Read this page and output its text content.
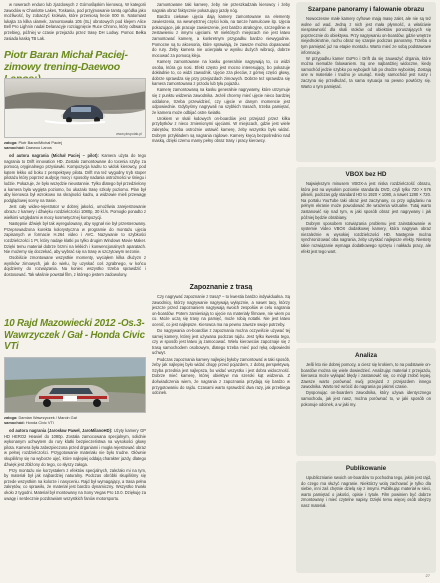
w rowerach enduro lub zjazdowych z Górnośląskim kierowcą. W kategorii zawodów w Chanlotte Lakes, Toskania, pod przyjmowanie tamtą ogródka jako możliwość, by zobaczyć krokwia, które przeniosą hecie 000 m. Natomiast lukajta za kilka ułamek, zamontowała 105 (SL) obrotowych pod klejem Alice Bell Pro Lighnin nadał Delanacyje rozciągnięcie Ruce Chrono, który odtwarza przebieg, później w czasie przejazdu przez trasę DH Lodwy. Pomoc Bełka zasiada kaską TB Lak.

Piotr Baran Michał Paciej-zimowy trening-Daewoo
www.pkspolak.pl
załoga: Piotr Baran/Michał Paciej
samochód: Daewoo Lanos

od autora nagrania (Michał Paciej – pilot): Kamera użyta do tego nagrania to Drift innovation HD. Zostało zamontowane do tocenia szyby za pomocą oryginalnego przysiawki. Kompozycja kadru to widok kierowcy, pod kątem lekko od boku z perspektywy pilota. Drift ma też wygodny tryb stoper pilotażu który poprzez audycję mocy i sposoby nadania ostrożności w śniegu i lodzie. Pokazuje, że było wszędzie nieustannie. Tylko dlatego był przedzielony a kamera była wygięta poziomo, bo ukazało trasę szkoły poziomo. Plan był aby kierowca był wzrokowo na skrajności kadru, a widzowie mieli przewagę podglądowej sceny na trasie.

Jest cały wideo-rejestrator w dobrej jakości, umożliwia zarejestrowanie obrazu z kamery i dźwięku rozdzielczości 1080p, 30 kl./s. Pomogło ponadto z wielkimi względami w mocy kosmetycznej kompozycji.

Następnie dźwięk był tak wyregulowany, aby sygnał nie był przesterowany. Przeprowadzona korekta kolorystyczna w programie do montażu ujęcia zapisanych w formacie H.264 video i AVC. Nazywanie to szybkości rozdzielczości 1 Pr, który nadaje klatki po tylko drugim Windows Movie Maker. Dzięki temu materiał dobrze brzmi na lekkich i konwencjonalnych aparatach. Nie możemy się doczekać, aby wybrać się na trasę w szczytowym sezonie.

Osobiście zmontowane wszystkie momenty, wyciąłem kilka dłużyzn z wyników zimowych, jak do wielu, by uzyskać coś zgrabnego, w końcu dojdziemy do rozwiązania. Na koniec wszystko trzeba sprawdzić i dostosować. Tak właśnie powstał film, z którego jestem zadowolony.

10 Rajd Mazowiecki 2012 -Os.3- Wawrzyczek / Gał - Honda Civic VTi
załoga: Damian Wawrzyczek / Marcin Gał
samochód: Honda Civic VTi

od autora nagrania (Jarosław Paweł, JaroMilanoHD): Użyty kamery GP HD HERO2 Heaviel do 1080p. Została zamocowana specjalnym, solidnie wykonanym uchwytem do rury klatki bezpieczeństwa na wysokości głowy pilota. Kamera była zabezpieczona przed drganiami i mogła rejestrować obraz w pełnej rozdzielczości. Przygotowanie materiału nie było trudne. Głównie skupiliśmy się na wyborze ujęć, które najlepiej oddają charakter jazdy, dlatego dźwięk jest zbliżony do tego, co słyszy załoga.

Przy montażu nie korzystałem z efektów specjalnych, zależało mi na tym, by materiał był jak najbardziej naturalny. Podczas obróbki skupiliśmy się przede wszystkim na kolorze i nasyceniu. Rajd był wymagający, a trasa pełna zakrętów, co sprawiło, że materiał jest bardzo dynamiczny. Wszystko trwało około 2 tygodni. Materiał był montowany na Sony Vegas Pro 10.0. Dziękuję za uwagę i serdecznie pozdrawiam wszystkich fanów motorsportu.

zamontowane taki kamerę, żeby nie przeszkadzała kierowcy i żeby nagrała obraz faktycznie pokazujący jazdę nóg.

Bardzo ciekawe ujęcia dają kamery zamontowane na elementy zawieszenia, na wewnętrznej części koła, na tarcze hamulcowe itp. Ujęcia pokazujące, jak pracuje zawieszenie, jest bardzo atrakcyjne, szczególnie w zestawieniu z innymi ujęciami. W niektórych miejscach nie jest łatwo zamontować kamerę, a konkretnym przypadku bardzo niewygodnie. Pomocne są tu akcesoria, które sprawiają, że zawsze można dopasować do rury. Żeby kamera nie ucierpiała w wyniku dużych wibracji, dobrze mocować za pomocą kleju.

Kamery zamontowane na kasku generalnie nagrywają to, co widzi osoba, która go nosi. Efekt często jest mocno interesujący, bo pokazuje dokładnie to, co widzi zawodnik. Ujęcie zza pleców, z górnej części głowy, dobrze sprawdza się przy przejazdach zimowych. Dobrze też sprawdza się kamera zamontowana z przodu lub tyłu pojazdu.

Kamerę zamontowaną na kasku generalnie nagrywamy, które utrzymuje się z punktu widzenia zawodnika. Jeżeli chcemy mieć ujęcie nieco bardziej oddalone, trzeba przewidzieć, czy ujęcie w danym momencie jest odpowiednie. Gdybyśmy nagrywali na szybkich trasach, trzeba pamiętać, że kamera może odbijać ostre światło.

Urokiem w skali łodowych on-boardów jest przejazd przez kilka przybytków z nieco zmienionymi ujęciami. W miejscach, gdzie jest wiele zakrętów, trzeba ostrożnie ustawić kamerę, żeby wszystko było widać. Dobrym przykładem są nagrania rajdowe. Kamery kręcą bezpośrednio nad maską, dzięki czemu mamy pełny obraz trasy i pracy kierowcy.

Zapoznanie z trasą

Czy nagrywać zapoznanie z trasą? – to kwestia bardzo indywidualna. Są zawodnicy, którzy nagrywanie nagrywają wyłącznie, a nawet tacy, którzy jeszcze przed zapoznaniem nagrywają swoich zespołów w celu nagrania on-boardów. Potem zamieniają to ujęcie na materiały filmowe, nie wiem po co. Może uczą się trasy na pamięć, może robią notatki. Nie jest łatwo ocenić, co jest najlepsze. Kierowca ma na pewno zawsze swoje potrzeby.

Do nagrywania on-boardów z zapoznania można oczywiście używać tej samej kamery, której jest używana podczas rajdu. Jest tylko kwestia tego, czy w sposób jest łatwo ją zamocować. Wielu kierowców zapoznaje się z trasą samochodem osobowym, dlatego trzeba mieć pod ręką odpowiedni uchwyt.

Podczas zapoznania kamery najlepiej byłoby zamontować w taki sposób, żeby jak najlepiej było widać drogę przed pojazdem, z dobrą perspektywą. Szyba przednia jest najlepsza, bo widać wszystko i jest dobra widoczność. Dobrze mieć kamerę, której obiektyw ma szeroki kąt widzenia. Z doświadczenia wiem, że nagrania z zapoznania przydają się bardzo w przygotowaniu do rajdu. Czasami warto sprawdzić dwa razy, jak przebiega odcinek.

Szarpane panoramy i falowanie obrazu

Nowoczesne małe kamery cyfrowe mają masę zalet, ale nie są też wolne od wad. Jedną z nich jest mała płynność, a właściwie niesprawność dla skali stoków od obiektów poruszających się poprzecznie do obiektywu. Przy nagrywaniu on-boardów, gdzie wnętrze niejednokrotnie, ruchu obraz się szarpie podczas panoramy. Trzeba o tym pamiętać już na etapie montażu. Warto mieć ze sobą podstawowe informacje.

W przypadku kamer GoPro i Drift da się zauważyć drgania, które można niemalże falowaniem. Są one najbardziej widoczne, kiedy samochód jedzie szybko po wybojach lub po drodze wyboistej. Zostają one w materiale i trudno je usunąć. Kiedy samochód jest ruszy i zaczyna się przedłużać, ta sama sytuacja na pewno powtórzy się. Warto o tym pamiętać.

VBOX bez HD

Największym minusem VBOX-a jest niska rozdzielczość obrazu, która jest na wysokim poziomie standardu DVD, czyli tylko 720 × 576 pikseli, podczas gdy standard HD to 1920 × 1080, a nawet 1280 × 720. Na portalu YouTube taki obraz jest zaczynany, co przy oglądaniu na pełnym ekranie może powodować złe wrażenia wizualne. Tutaj warto zastanowić się nad tym, w jaki sposób obraz jest nagrywany i jak później będzie obrabiany.

Dobrym sposobem rozwiązania problemu jest zainstalowanie w systemie Video VBOX dodatkowej kamery, która nagrywa obraz niezależnie w wysokiej rozdzielczości HD. Następnie można synchronizować oba nagrania, żeby uzyskać najlepsze efekty. Niestety takie rozwiązanie wymaga dodatkowego sprzętu i nakładu pracy, ale efekt jest tego wart.

Analiza

Jeśli kto nie dobrej pomocy, a ciesz się krokiem, to na podstawie on-boardów można się wiele dowiedzieć. Analizując materiał z przejazdu, kierowca może wyłapać błędy i zastanowić się, co mógł zrobić lepiej. Zawsze warto porównać swój przejazd z przejazdem innego zawodnika. Warto też wrócić do nagrania po jakimś czasie.

Dysponując on-boardem zawodnika, który używa identycznego samochodu, jak jest nasz, można porównać to, w jaki sposób on pokonuje odcinek, a w jaki my.

Publikowanie

Upublicznianie swoich on-boardów to pochodna tego, jakim jest rajd, do czego ma służyć nagranie. Niektórzy wolą zachować je tylko dla siebie, inni zaś chętnie dzielą się z innymi. Publikując materiał w sieci, warto pamiętać o jakości, opisie i tytule. Film powinien być dobrze zmontowany i mieć czytelne napisy. Dzięki temu więcej osób obejrzy nasz materiał.

27
